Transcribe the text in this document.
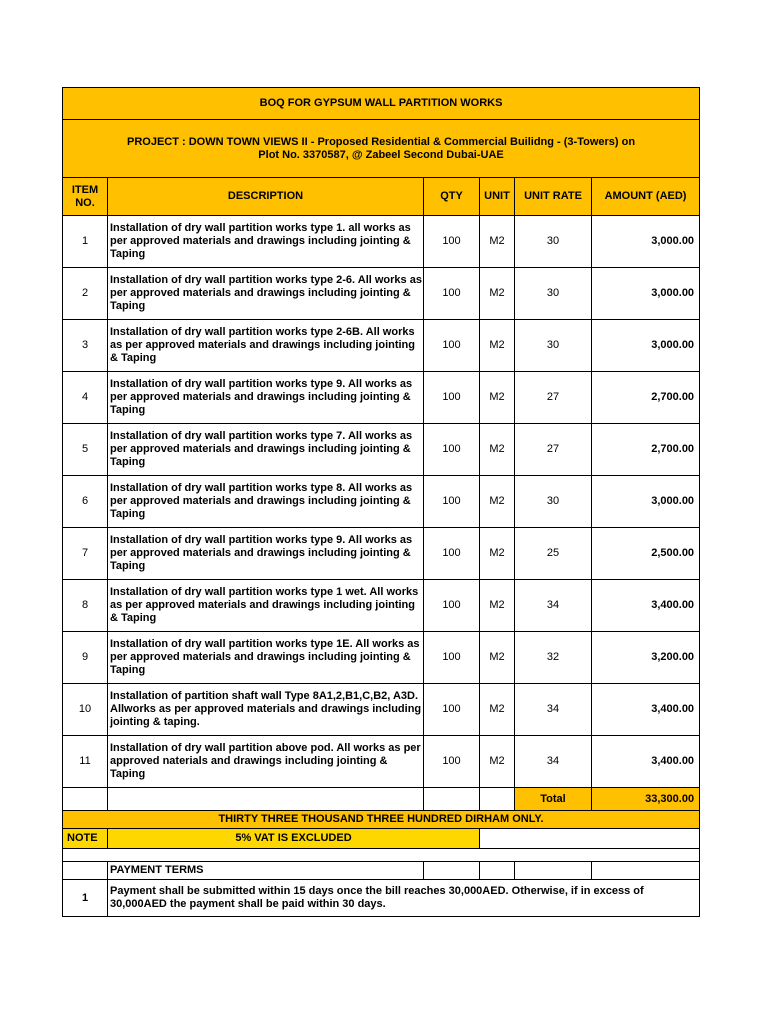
BOQ FOR GYPSUM WALL PARTITION WORKS					

PROJECT : DOWN TOWN VIEWS II - Proposed Residential & Commercial Builidng - (3-Towers) on
Plot No. 3370587, @ Zabeel Second Dubai-UAE					

ITEM NO.	DESCRIPTION	QTY	UNIT	UNIT RATE	AMOUNT (AED)
1	Installation of dry wall partition works type 1. all works as per approved materials and drawings including jointing & Taping	100	M2	30	3,000.00
2	Installation of dry wall partition works type 2-6. All works as per approved materials and drawings including jointing & Taping	100	M2	30	3,000.00
3	Installation of dry wall partition works type 2-6B. All works as per approved materials and drawings including jointing & Taping	100	M2	30	3,000.00
4	Installation of dry wall partition works type 9. All works as per approved materials and drawings including jointing & Taping	100	M2	27	2,700.00
5	Installation of dry wall partition works type 7. All works as per approved materials and drawings including jointing & Taping	100	M2	27	2,700.00
6	Installation of dry wall partition works type 8. All works as per approved materials and drawings including jointing & Taping	100	M2	30	3,000.00
7	Installation of dry wall partition works type 9. All works as per approved materials and drawings including jointing & Taping	100	M2	25	2,500.00
8	Installation of dry wall partition works type 1 wet. All works as per approved materials and drawings including jointing & Taping	100	M2	34	3,400.00
9	Installation of dry wall partition works type 1E. All works as per approved materials and drawings including jointing & Taping	100	M2	32	3,200.00
10	Installation of partition shaft wall Type 8A1,2,B1,C,B2, A3D. Allworks as per approved materials and drawings including jointing & taping.	100	M2	34	3,400.00
11	Installation of dry wall partition above pod. All works as per approved naterials and drawings including jointing & Taping	100	M2	34	3,400.00
				Total	33,300.00
THIRTY THREE THOUSAND THREE HUNDRED DIRHAM ONLY.					
NOTE	5% VAT IS EXCLUDED				

	PAYMENT TERMS				
1	Payment shall be submitted within 15 days once the bill reaches 30,000AED. Otherwise, if in excess of 30,000AED the payment shall be paid within 30 days.				
